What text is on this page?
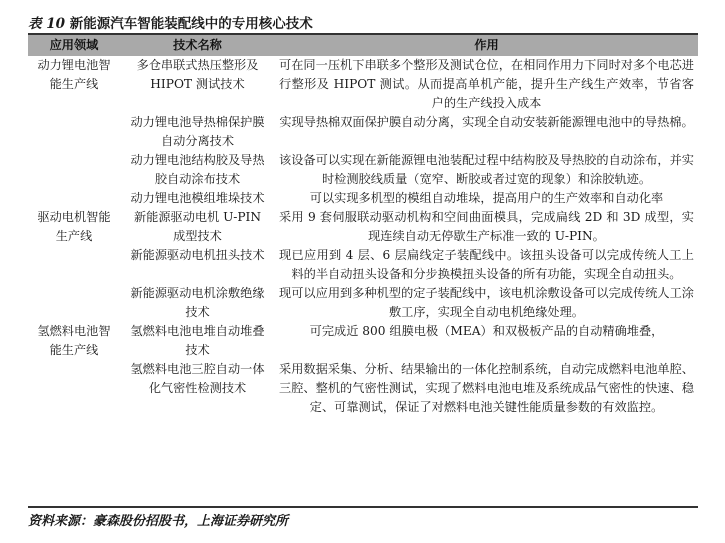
表 10 新能源汽车智能装配线中的专用核心技术
应用领域	技术名称	作用
动力锂电池智能生产线	多仓串联式热压整形及 HIPOT 测试技术	可在同一压机下串联多个整形及测试仓位，在相同作用力下同时对多个电芯进行整形及 HIPOT 测试。从而提高单机产能，提升生产线生产效率，节省客户的生产线投入成本
	动力锂电池导热棉保护膜自动分离技术	实现导热棉双面保护膜自动分离，实现全自动安装新能源锂电池中的导热棉。
	动力锂电池结构胶及导热胶自动涂布技术	该设备可以实现在新能源锂电池装配过程中结构胶及导热胶的自动涂布，并实时检测胶线质量（宽窄、断胶或者过宽的现象）和涂胶轨迹。
	动力锂电池模组堆垛技术	可以实现多机型的模组自动堆垛，提高用户的生产效率和自动化率
驱动电机智能生产线	新能源驱动电机 U-PIN 成型技术	采用 9 套伺服联动驱动机构和空间曲面模具，完成扁线 2D 和 3D 成型，实现连续自动无停歇生产标准一致的 U-PIN。
	新能源驱动电机扭头技术	现已应用到 4 层、6 层扁线定子装配线中。该扭头设备可以完成传统人工上料的半自动扭头设备和分步换模扭头设备的所有功能，实现全自动扭头。
	新能源驱动电机涂敷绝缘技术	现可以应用到多种机型的定子装配线中，该电机涂敷设备可以完成传统人工涂敷工序，实现全自动电机绝缘处理。
氢燃料电池智能生产线	氢燃料电池电堆自动堆叠技术	可完成近 800 组膜电极（MEA）和双极板产品的自动精确堆叠，
	氢燃料电池三腔自动一体化气密性检测技术	采用数据采集、分析、结果输出的一体化控制系统，自动完成燃料电池单腔、三腔、整机的气密性测试，实现了燃料电池电堆及系统成品气密性的快速、稳定、可靠测试，保证了对燃料电池关键性能质量参数的有效监控。
资料来源：豪森股份招股书，上海证券研究所
